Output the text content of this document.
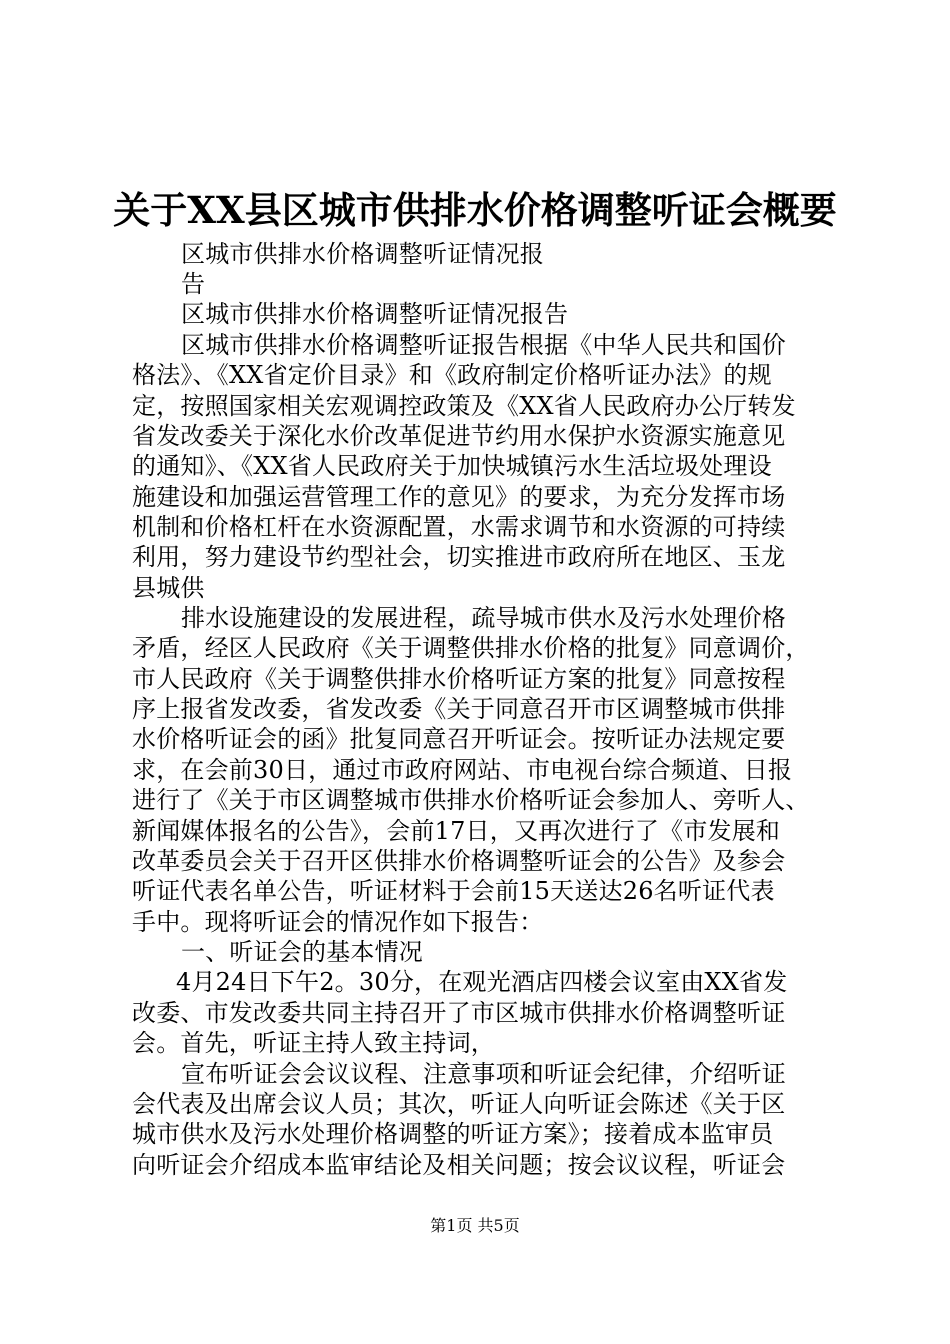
关于XX县区城市供排水价格调整听证会概要
区城市供排水价格调整听证情况报
告
区城市供排水价格调整听证情况报告
区城市供排水价格调整听证报告根据《中华人民共和国价
格法》、《XX省定价目录》和《政府制定价格听证办法》的规
定，按照国家相关宏观调控政策及《XX省人民政府办公厅转发
省发改委关于深化水价改革促进节约用水保护水资源实施意见
的通知》、《XX省人民政府关于加快城镇污水生活垃圾处理设
施建设和加强运营管理工作的意见》的要求，为充分发挥市场
机制和价格杠杆在水资源配置，水需求调节和水资源的可持续
利用，努力建设节约型社会，切实推进市政府所在地区、玉龙
县城供
排水设施建设的发展进程，疏导城市供水及污水处理价格
矛盾，经区人民政府《关于调整供排水价格的批复》同意调价，
市人民政府《关于调整供排水价格听证方案的批复》同意按程
序上报省发改委，省发改委《关于同意召开市区调整城市供排
水价格听证会的函》批复同意召开听证会。按听证办法规定要
求，在会前30日，通过市政府网站、市电视台综合频道、日报
进行了《关于市区调整城市供排水价格听证会参加人、旁听人、
新闻媒体报名的公告》，会前17日，又再次进行了《市发展和
改革委员会关于召开区供排水价格调整听证会的公告》及参会
听证代表名单公告，听证材料于会前15天送达26名听证代表
手中。现将听证会的情况作如下报告：
一、听证会的基本情况
4月24日下午2。30分，在观光酒店四楼会议室由XX省发
改委、市发改委共同主持召开了市区城市供排水价格调整听证
会。首先，听证主持人致主持词，
宣布听证会会议议程、注意事项和听证会纪律，介绍听证
会代表及出席会议人员；其次，听证人向听证会陈述《关于区
城市供水及污水处理价格调整的听证方案》；接着成本监审员
向听证会介绍成本监审结论及相关问题；按会议议程，听证会
第1页 共5页
